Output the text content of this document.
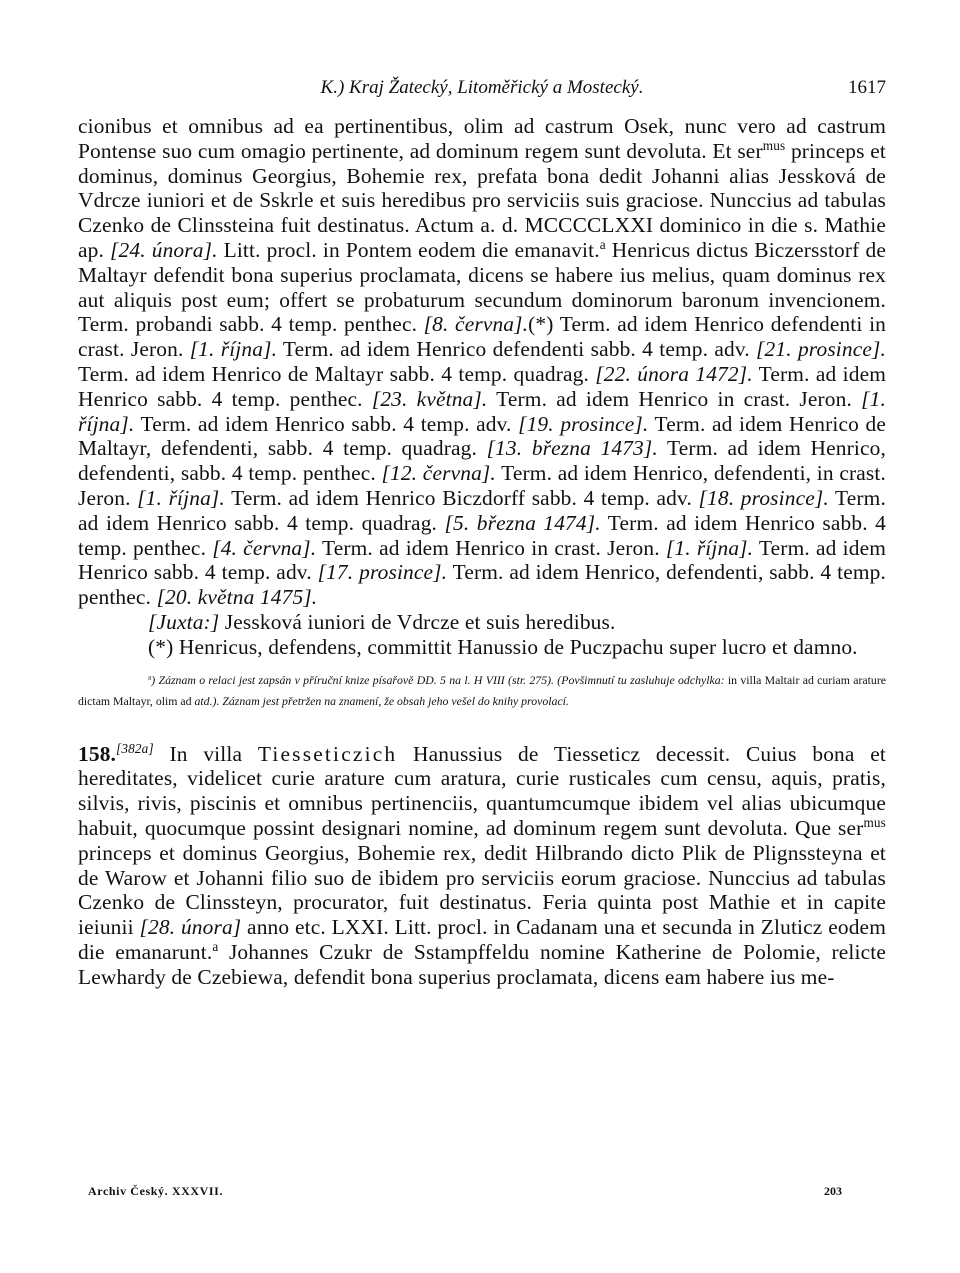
K.) Kraj Žatecký, Litoměřický a Mostecký.	1617

cionibus et omnibus ad ea pertinentibus, olim ad castrum Osek, nunc vero ad castrum Pontense suo cum omagio pertinente, ad dominum regem sunt devoluta. Et ser$^{mus}$ princeps et dominus, dominus Georgius, Bohemie rex, prefata bona dedit Johanni alias Jessková de Vdrcze iuniori et de Sskrle et suis heredibus pro serviciis suis graciose. Nunccius ad tabulas Czenko de Clinssteina fuit destinatus. Actum a. d. MCCCCLXXI dominico in die s. Mathie ap. [24. února]. Litt. procl. in Pontem eodem die emanavit.$^a$ Henricus dictus Biczersstorf de Maltayr defendit bona superius proclamata, dicens se habere ius melius, quam dominus rex aut aliquis post eum; offert se probaturum secundum dominorum baronum invencionem. Term. probandi sabb. 4 temp. penthec. [8. června].(*) Term. ad idem Henrico defendenti in crast. Jeron. [1. října]. Term. ad idem Henrico defendenti sabb. 4 temp. adv. [21. prosince]. Term. ad idem Henrico de Maltayr sabb. 4 temp. quadrag. [22. února 1472]. Term. ad idem Henrico sabb. 4 temp. penthec. [23. května]. Term. ad idem Henrico in crast. Jeron. [1. října]. Term. ad idem Henrico sabb. 4 temp. adv. [19. prosince]. Term. ad idem Henrico de Maltayr, defendenti, sabb. 4 temp. quadrag. [13. března 1473]. Term. ad idem Henrico, defendenti, sabb. 4 temp. penthec. [12. června]. Term. ad idem Henrico, defendenti, in crast. Jeron. [1. října]. Term. ad idem Henrico Biczdorff sabb. 4 temp. adv. [18. prosince]. Term. ad idem Henrico sabb. 4 temp. quadrag. [5. března 1474]. Term. ad idem Henrico sabb. 4 temp. penthec. [4. června]. Term. ad idem Henrico in crast. Jeron. [1. října]. Term. ad idem Henrico sabb. 4 temp. adv. [17. prosince]. Term. ad idem Henrico, defendenti, sabb. 4 temp. penthec. [20. května 1475].

[Juxta:] Jessková iuniori de Vdrcze et suis heredibus.

(*) Henricus, defendens, committit Hanussio de Puczpachu super lucro et damno.

$^a$) Záznam o relaci jest zapsán v příruční knize písařově DD. 5 na l. H VIII (str. 275). (Povšimnutí tu zasluhuje odchylka: in villa Maltair ad curiam arature dictam Maltayr, olim ad atd.). Záznam jest přetržen na znamení, že obsah jeho vešel do knihy provolací.

158.[382a] In villa Tiesseticzich Hanussius de Tiesseticz decessit. Cuius bona et hereditates, videlicet curie arature cum aratura, curie rusticales cum censu, aquis, pratis, silvis, rivis, piscinis et omnibus pertinenciis, quantumcumque ibidem vel alias ubicumque habuit, quocumque possint designari nomine, ad dominum regem sunt devoluta. Que ser$^{mus}$ princeps et dominus Georgius, Bohemie rex, dedit Hilbrando dicto Plik de Plignssteyna et de Warow et Johanni filio suo de ibidem pro serviciis eorum graciose. Nunccius ad tabulas Czenko de Clinssteyn, procurator, fuit destinatus. Feria quinta post Mathie et in capite ieiunii [28. února] anno etc. LXXI. Litt. procl. in Cadanam una et secunda in Zluticz eodem die emanarunt.$^a$ Johannes Czukr de Sstampffeldu nomine Katherine de Polomie, relicte Lewhardy de Czebiewa, defendit bona superius proclamata, dicens eam habere ius me-

Archiv Český. XXXVII.	203
